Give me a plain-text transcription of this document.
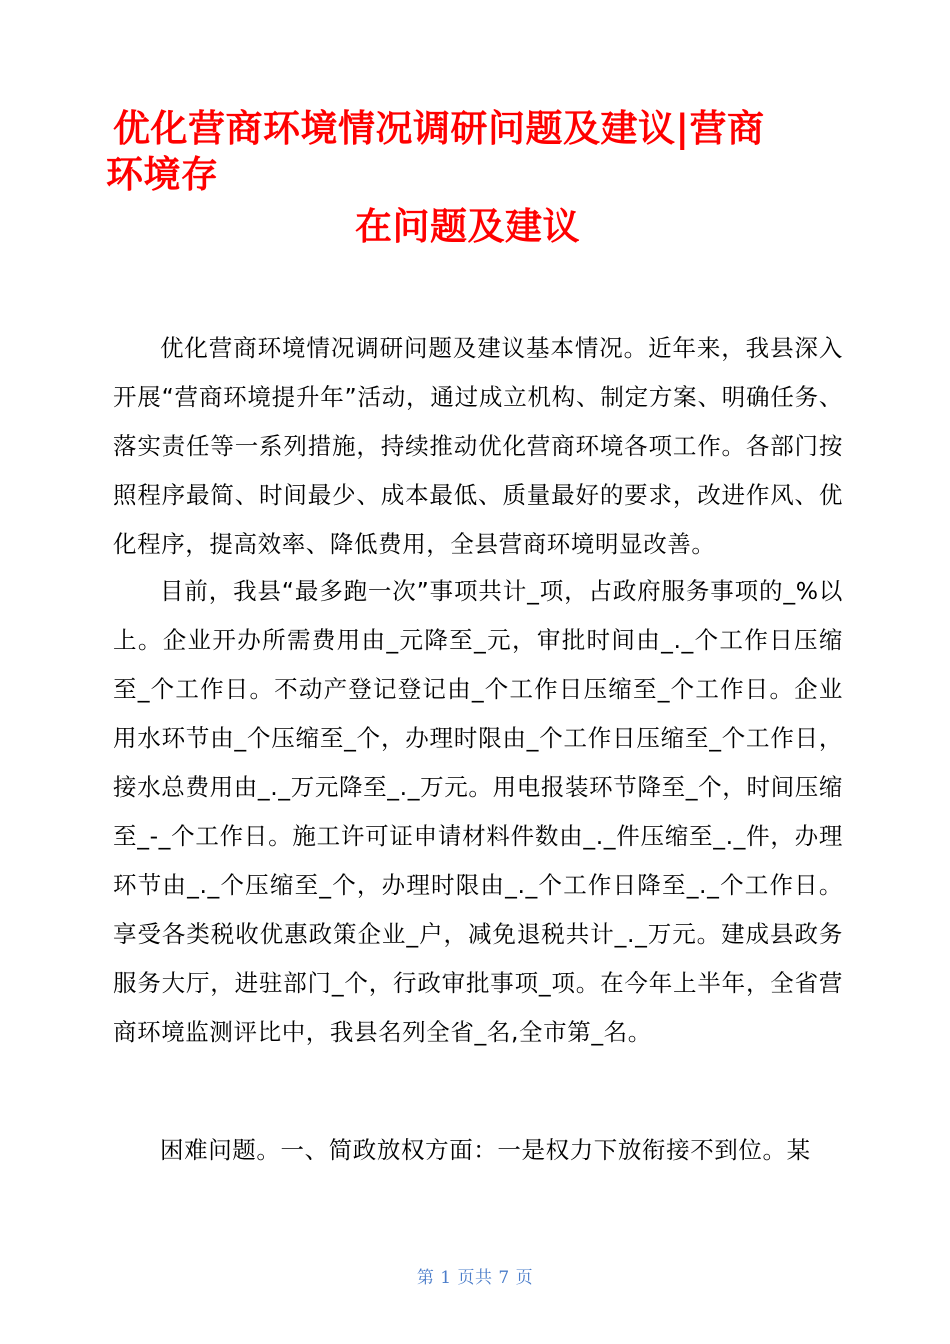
优化营商环境情况调研问题及建议|营商
环境存
在问题及建议

优化营商环境情况调研问题及建议基本情况。近年来，我县深入开展“营商环境提升年”活动，通过成立机构、制定方案、明确任务、落实责任等一系列措施，持续推动优化营商环境各项工作。各部门按照程序最简、时间最少、成本最低、质量最好的要求，改进作风、优化程序，提高效率、降低费用，全县营商环境明显改善。

目前，我县“最多跑一次”事项共计_项，占政府服务事项的_%以上。企业开办所需费用由_元降至_元，审批时间由_._个工作日压缩至_个工作日。不动产登记登记由_个工作日压缩至_个工作日。企业用水环节由_个压缩至_个，办理时限由_个工作日压缩至_个工作日，接水总费用由_._万元降至_._万元。用电报装环节降至_个，时间压缩至_-_个工作日。施工许可证申请材料件数由_._件压缩至_._件，办理环节由_._个压缩至_个，办理时限由_._个工作日降至_._个工作日。享受各类税收优惠政策企业_户，减免退税共计_._万元。建成县政务服务大厅，进驻部门_个，行政审批事项_项。在今年上半年，全省营商环境监测评比中，我县名列全省_名,全市第_名。

困难问题。一、简政放权方面：一是权力下放衔接不到位。某

第 1 页共 7 页
